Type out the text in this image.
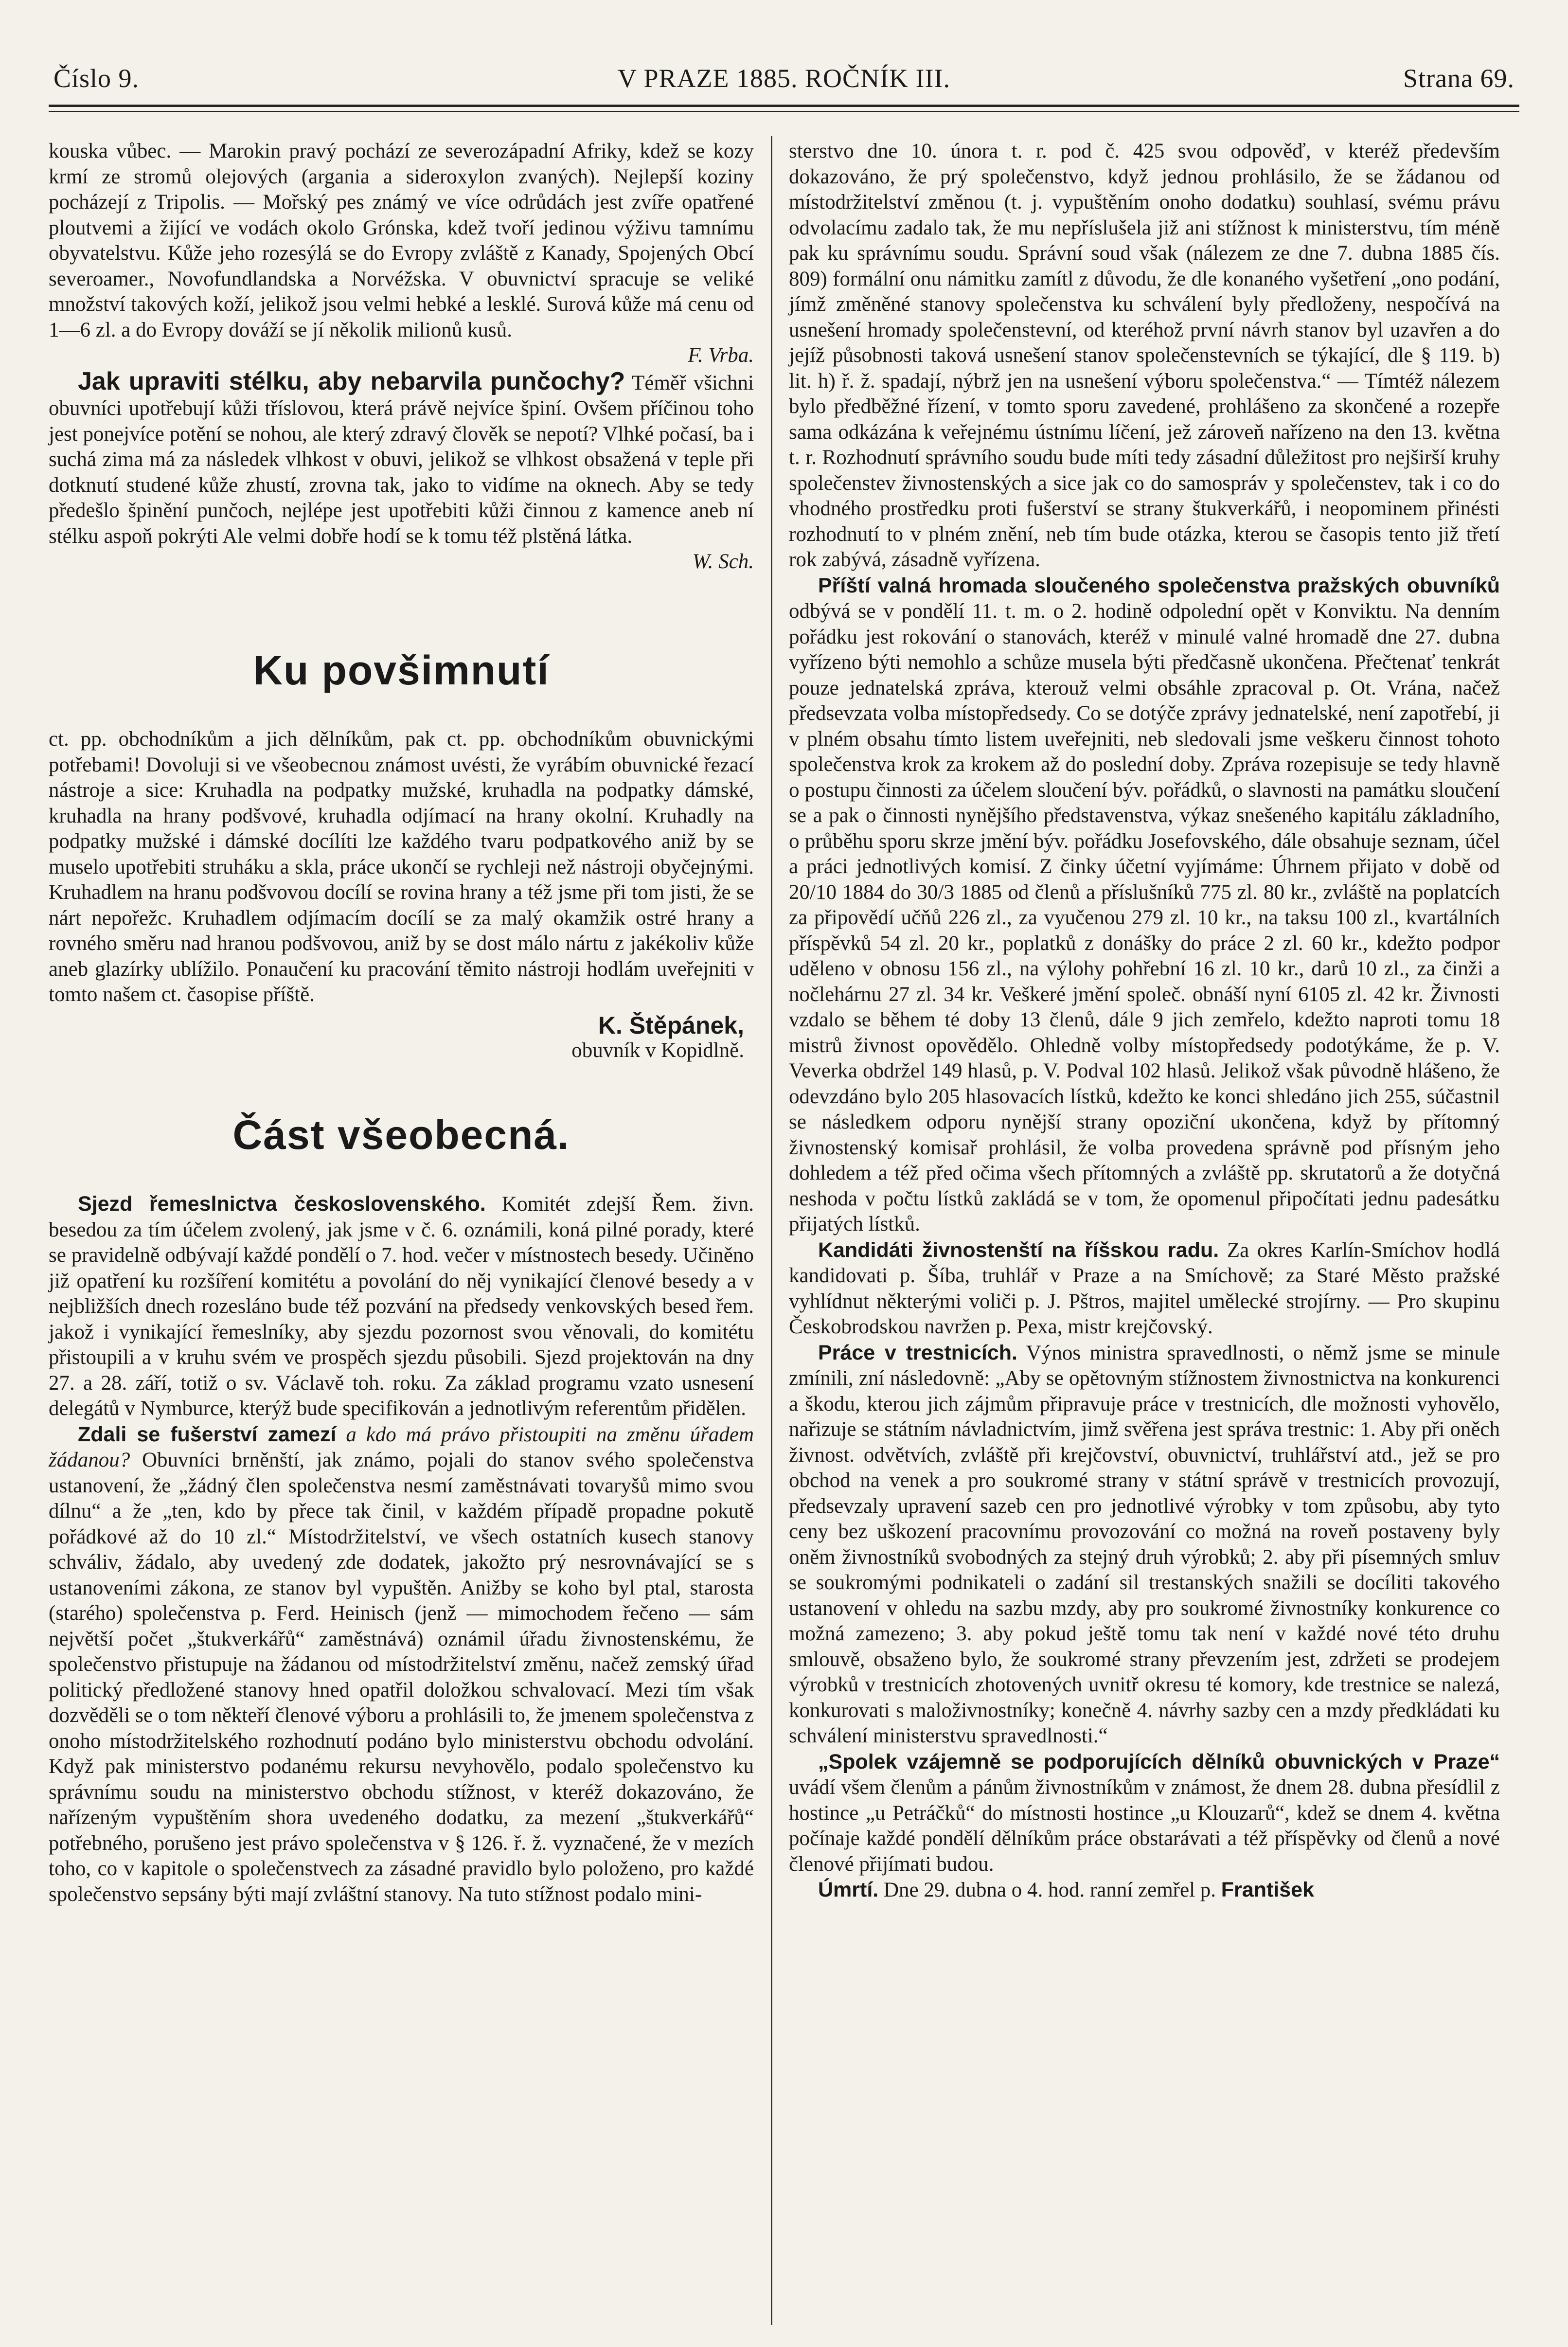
Číslo 9.	V PRAZE 1885. ROČNÍK III.	Strana 69.

kouska vůbec. — Marokin pravý pochází ze severozápadní Afriky, kdež se kozy krmí ze stromů olejových (argania a sideroxylon zvaných). Nejlepší koziny pocházejí z Tripolis. — Mořský pes známý ve více odrůdách jest zvíře opatřené ploutvemi a žijící ve vodách okolo Grónska, kdež tvoří jedinou výživu tamnímu obyvatelstvu. Kůže jeho rozesýlá se do Evropy zvláště z Kanady, Spojených Obcí severoamer., Novofundlandska a Norvéžska. V obuvnictví spracuje se veliké množství takových koží, jelikož jsou velmi hebké a lesklé. Surová kůže má cenu od 1—6 zl. a do Evropy dováží se jí několik milionů kusů.

F. Vrba.

Jak upraviti stélku, aby nebarvila punčochy? Téměř všichni obuvníci upotřebují kůži tříslovou, která právě nejvíce špiní. Ovšem příčinou toho jest ponejvíce potění se nohou, ale který zdravý člověk se nepotí? Vlhké počasí, ba i suchá zima má za následek vlhkost v obuvi, jelikož se vlhkost obsažená v teple při dotknutí studené kůže zhustí, zrovna tak, jako to vidíme na oknech. Aby se tedy předešlo špinění punčoch, nejlépe jest upotřebiti kůži činnou z kamence aneb ní stélku aspoň pokrýti Ale velmi dobře hodí se k tomu též plstěná látka.

W. Sch.
Ku povšimnutí

ct. pp. obchodníkům a jich dělníkům, pak ct. pp. obchodníkům obuvnickými potřebami! Dovoluji si ve všeobecnou známost uvésti, že vyrábím obuvnické řezací nástroje a sice: Kruhadla na podpatky mužské, kruhadla na podpatky dámské, kruhadla na hrany podšvové, kruhadla odjímací na hrany okolní. Kruhadly na podpatky mužské i dámské docílíti lze každého tvaru podpatkového aniž by se muselo upotřebiti struháku a skla, práce ukončí se rychleji než nástroji obyčejnými. Kruhadlem na hranu podšvovou docílí se rovina hrany a též jsme při tom jisti, že se nárt nepořežc. Kruhadlem odjímacím docílí se za malý okamžik ostré hrany a rovného směru nad hranou podšvovou, aniž by se dost málo nártu z jakékoliv kůže aneb glazírky ublížilo. Ponaučení ku pracování těmito nástroji hodlám uveřejniti v tomto našem ct. časopise příště.

K. Štěpánek,
obuvník v Kopidlně.
Část všeobecná.

Sjezd řemeslnictva československého. Komitét zdejší Řem. živn. besedou za tím účelem zvolený, jak jsme v č. 6. oznámili, koná pilné porady, které se pravidelně odbývají každé pondělí o 7. hod. večer v místnostech besedy. Učiněno již opatření ku rozšíření komitétu a povolání do něj vynikající členové besedy a v nejbližších dnech rozesláno bude též pozvání na předsedy venkovských besed řem. jakož i vynikající řemeslníky, aby sjezdu pozornost svou věnovali, do komitétu přistoupili a v kruhu svém ve prospěch sjezdu působili. Sjezd projektován na dny 27. a 28. září, totiž o sv. Václavě toh. roku. Za základ programu vzato usnesení delegátů v Nymburce, kterýž bude specifikován a jednotlivým referentům přidělen.

Zdali se fušerství zamezí a kdo má právo přistoupiti na změnu úřadem žádanou? Obuvníci brněnští, jak známo, pojali do stanov svého společenstva ustanovení, že „žádný člen společenstva nesmí zaměstnávati tovaryšů mimo svou dílnu“ a že „ten, kdo by přece tak činil, v každém případě propadne pokutě pořádkové až do 10 zl.“ Místodržitelství, ve všech ostatních kusech stanovy schváliv, žádalo, aby uvedený zde dodatek, jakožto prý nesrovnávající se s ustanoveními zákona, ze stanov byl vypuštěn. Anižby se koho byl ptal, starosta (starého) společenstva p. Ferd. Heinisch (jenž — mimochodem řečeno — sám největší počet „štukverkářů“ zaměstnává) oznámil úřadu živnostenskému, že společenstvo přistupuje na žádanou od místodržitelství změnu, načež zemský úřad politický předložené stanovy hned opatřil doložkou schvalovací. Mezi tím však dozvěděli se o tom někteří členové výboru a prohlásili to, že jmenem společenstva z onoho místodržitelského rozhodnutí podáno bylo ministerstvu obchodu odvolání. Když pak ministerstvo podanému rekursu nevyhovělo, podalo společenstvo ku správnímu soudu na ministerstvo obchodu stížnost, v kteréž dokazováno, že nařízeným vypuštěním shora uvedeného dodatku, za mezení „štukverkářů“ potřebného, porušeno jest právo společenstva v § 126. ř. ž. vyznačené, že v mezích toho, co v kapitole o společenstvech za zásadné pravidlo bylo položeno, pro každé společenstvo sepsány býti mají zvláštní stanovy. Na tuto stížnost podalo mini-

sterstvo dne 10. února t. r. pod č. 425 svou odpověď, v kteréž především dokazováno, že prý společenstvo, když jednou prohlásilo, že se žádanou od místodržitelství změnou (t. j. vypuštěním onoho dodatku) souhlasí, svému právu odvolacímu zadalo tak, že mu nepříslušela již ani stížnost k ministerstvu, tím méně pak ku správnímu soudu. Správní soud však (nálezem ze dne 7. dubna 1885 čís. 809) formální onu námitku zamítl z důvodu, že dle konaného vyšetření „ono podání, jímž změněné stanovy společenstva ku schválení byly předloženy, nespočívá na usnešení hromady společenstevní, od kteréhož první návrh stanov byl uzavřen a do jejíž působnosti taková usnešení stanov společenstevních se týkající, dle § 119. b) lit. h) ř. ž. spadají, nýbrž jen na usnešení výboru společenstva.“ — Tímtéž nálezem bylo předběžné řízení, v tomto sporu zavedené, prohlášeno za skončené a rozepře sama odkázána k veřejnému ústnímu líčení, jež zároveň nařízeno na den 13. května t. r. Rozhodnutí správního soudu bude míti tedy zásadní důležitost pro nejširší kruhy společenstev živnostenských a sice jak co do samospráv y společenstev, tak i co do vhodného prostředku proti fušerství se strany štukverkářů, i neopominem přinésti rozhodnutí to v plném znění, neb tím bude otázka, kterou se časopis tento již třetí rok zabývá, zásadně vyřízena.

Příští valná hromada sloučeného společenstva pražských obuvníků odbývá se v pondělí 11. t. m. o 2. hodině odpolední opět v Konviktu. Na denním pořádku jest rokování o stanovách, kteréž v minulé valné hromadě dne 27. dubna vyřízeno býti nemohlo a schůze musela býti předčasně ukončena. Přečtenať tenkrát pouze jednatelská zpráva, kterouž velmi obsáhle zpracoval p. Ot. Vrána, načež předsevzata volba místopředsedy. Co se dotýče zprávy jednatelské, není zapotřebí, ji v plném obsahu tímto listem uveřejniti, neb sledovali jsme veškeru činnost tohoto společenstva krok za krokem až do poslední doby. Zpráva rozepisuje se tedy hlavně o postupu činnosti za účelem sloučení býv. pořádků, o slavnosti na památku sloučení se a pak o činnosti nynějšího představenstva, výkaz snešeného kapitálu základního, o průběhu sporu skrze jmění býv. pořádku Josefovského, dále obsahuje seznam, účel a práci jednotlivých komisí. Z činky účetní vyjímáme: Úhrnem přijato v době od 20/10 1884 do 30/3 1885 od členů a příslušníků 775 zl. 80 kr., zvláště na poplatcích za připovědí učňů 226 zl., za vyučenou 279 zl. 10 kr., na taksu 100 zl., kvartálních příspěvků 54 zl. 20 kr., poplatků z donášky do práce 2 zl. 60 kr., kdežto podpor uděleno v obnosu 156 zl., na výlohy pohřební 16 zl. 10 kr., darů 10 zl., za činži a nočlehárnu 27 zl. 34 kr. Veškeré jmění společ. obnáší nyní 6105 zl. 42 kr. Živnosti vzdalo se během té doby 13 členů, dále 9 jich zemřelo, kdežto naproti tomu 18 mistrů živnost opovědělo. Ohledně volby místopředsedy podotýkáme, že p. V. Veverka obdržel 149 hlasů, p. V. Podval 102 hlasů. Jelikož však původně hlášeno, že odevzdáno bylo 205 hlasovacích lístků, kdežto ke konci shledáno jich 255, súčastnil se následkem odporu nynější strany opoziční ukončena, když by přítomný živnostenský komisař prohlásil, že volba provedena správně pod přísným jeho dohledem a též před očima všech přítomných a zvláště pp. skrutatorů a že dotyčná neshoda v počtu lístků zakládá se v tom, že opomenul připočítati jednu padesátku přijatých lístků.

Kandidáti živnostenští na říšskou radu. Za okres Karlín-Smíchov hodlá kandidovati p. Šíba, truhlář v Praze a na Smíchově; za Staré Město pražské vyhlídnut některými voliči p. J. Pštros, majitel umělecké strojírny. — Pro skupinu Českobrodskou navržen p. Pexa, mistr krejčovský.

Práce v trestnicích. Výnos ministra spravedlnosti, o němž jsme se minule zmínili, zní následovně: „Aby se opětovným stížnostem živnostnictva na konkurenci a škodu, kterou jich zájmům připravuje práce v trestnicích, dle možnosti vyhovělo, nařizuje se státním návladnictvím, jimž svěřena jest správa trestnic: 1. Aby při oněch živnost. odvětvích, zvláště při krejčovství, obuvnictví, truhlářství atd., jež se pro obchod na venek a pro soukromé strany v státní správě v trestnicích provozují, předsevzaly upravení sazeb cen pro jednotlivé výrobky v tom způsobu, aby tyto ceny bez uškození pracovnímu provozování co možná na roveň postaveny byly oněm živnostníků svobodných za stejný druh výrobků; 2. aby při písemných smluv se soukromými podnikateli o zadání sil trestanských snažili se docíliti takového ustanovení v ohledu na sazbu mzdy, aby pro soukromé živnostníky konkurence co možná zamezeno; 3. aby pokud ještě tomu tak není v každé nové této druhu smlouvě, obsaženo bylo, že soukromé strany převzením jest, zdržeti se prodejem výrobků v trestnicích zhotovených uvnitř okresu té komory, kde trestnice se nalezá, konkurovati s maloživnostníky; konečně 4. návrhy sazby cen a mzdy předkládati ku schválení ministerstvu spravedlnosti.“

„Spolek vzájemně se podporujících dělníků obuvnických v Praze“ uvádí všem členům a pánům živnostníkům v známost, že dnem 28. dubna přesídlil z hostince „u Petráčků“ do místnosti hostince „u Klouzarů“, kdež se dnem 4. května počínaje každé pondělí dělníkům práce obstarávati a též příspěvky od členů a nové členové přijímati budou.

Úmrtí. Dne 29. dubna o 4. hod. ranní zemřel p. František
